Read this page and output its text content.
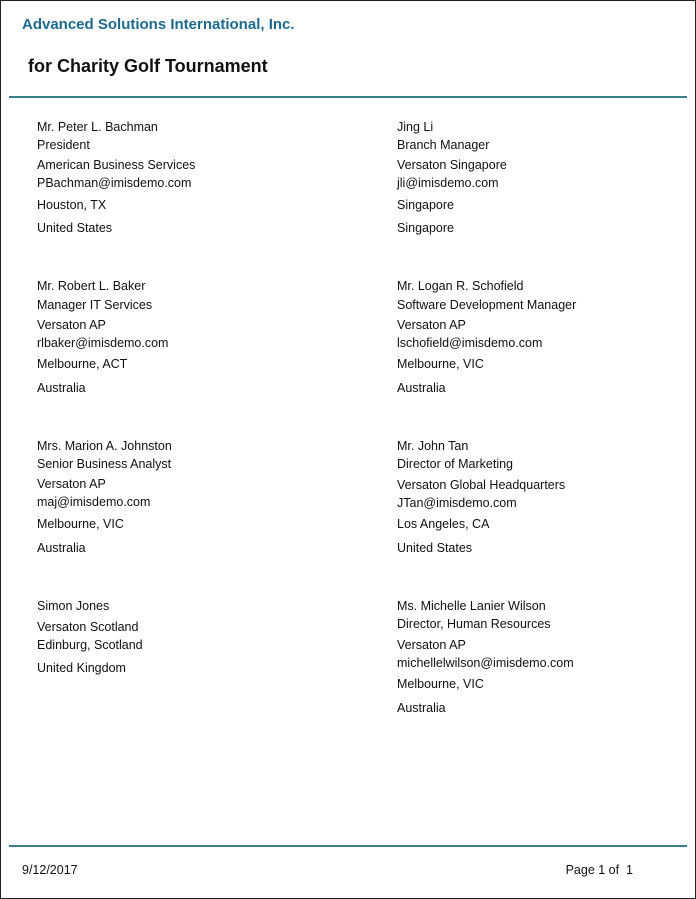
Advanced Solutions International, Inc.
for Charity Golf Tournament
Mr. Peter L. Bachman
President
American Business Services
PBachman@imisdemo.com
Houston, TX
United States
Jing Li
Branch Manager
Versaton Singapore
jli@imisdemo.com
Singapore
Singapore
Mr. Robert L. Baker
Manager IT Services
Versaton AP
rlbaker@imisdemo.com
Melbourne, ACT
Australia
Mr. Logan R. Schofield
Software Development Manager
Versaton AP
lschofield@imisdemo.com
Melbourne, VIC
Australia
Mrs. Marion A. Johnston
Senior Business Analyst
Versaton AP
maj@imisdemo.com
Melbourne, VIC
Australia
Mr. John Tan
Director of Marketing
Versaton Global Headquarters
JTan@imisdemo.com
Los Angeles, CA
United States
Simon Jones
Versaton Scotland
Edinburg, Scotland
United Kingdom
Ms. Michelle Lanier Wilson
Director, Human Resources
Versaton AP
michellelwilson@imisdemo.com
Melbourne, VIC
Australia
9/12/2017	Page 1 of  1
